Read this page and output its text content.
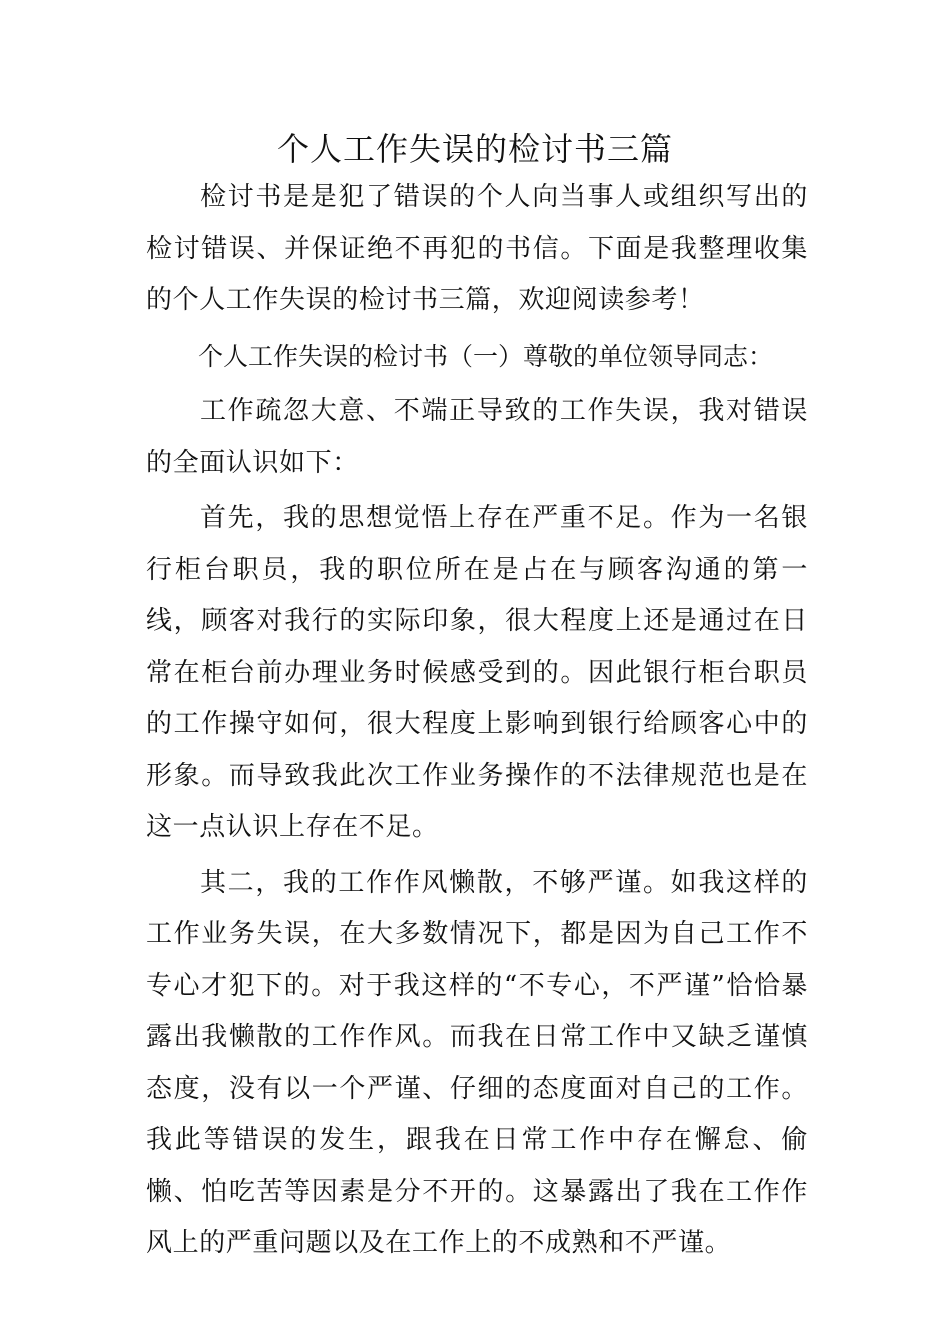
个人工作失误的检讨书三篇

检讨书是是犯了错误的个人向当事人或组织写出的检讨错误、并保证绝不再犯的书信。下面是我整理收集的个人工作失误的检讨书三篇，欢迎阅读参考！

个人工作失误的检讨书（一）尊敬的单位领导同志：

工作疏忽大意、不端正导致的工作失误，我对错误的全面认识如下：

首先，我的思想觉悟上存在严重不足。作为一名银行柜台职员，我的职位所在是占在与顾客沟通的第一线，顾客对我行的实际印象，很大程度上还是通过在日常在柜台前办理业务时候感受到的。因此银行柜台职员的工作操守如何，很大程度上影响到银行给顾客心中的形象。而导致我此次工作业务操作的不法律规范也是在这一点认识上存在不足。

其二，我的工作作风懒散，不够严谨。如我这样的工作业务失误，在大多数情况下，都是因为自己工作不专心才犯下的。对于我这样的“不专心，不严谨”恰恰暴露出我懒散的工作作风。而我在日常工作中又缺乏谨慎态度，没有以一个严谨、仔细的态度面对自己的工作。我此等错误的发生，跟我在日常工作中存在懈怠、偷懒、怕吃苦等因素是分不开的。这暴露出了我在工作作风上的严重问题以及在工作上的不成熟和不严谨。
